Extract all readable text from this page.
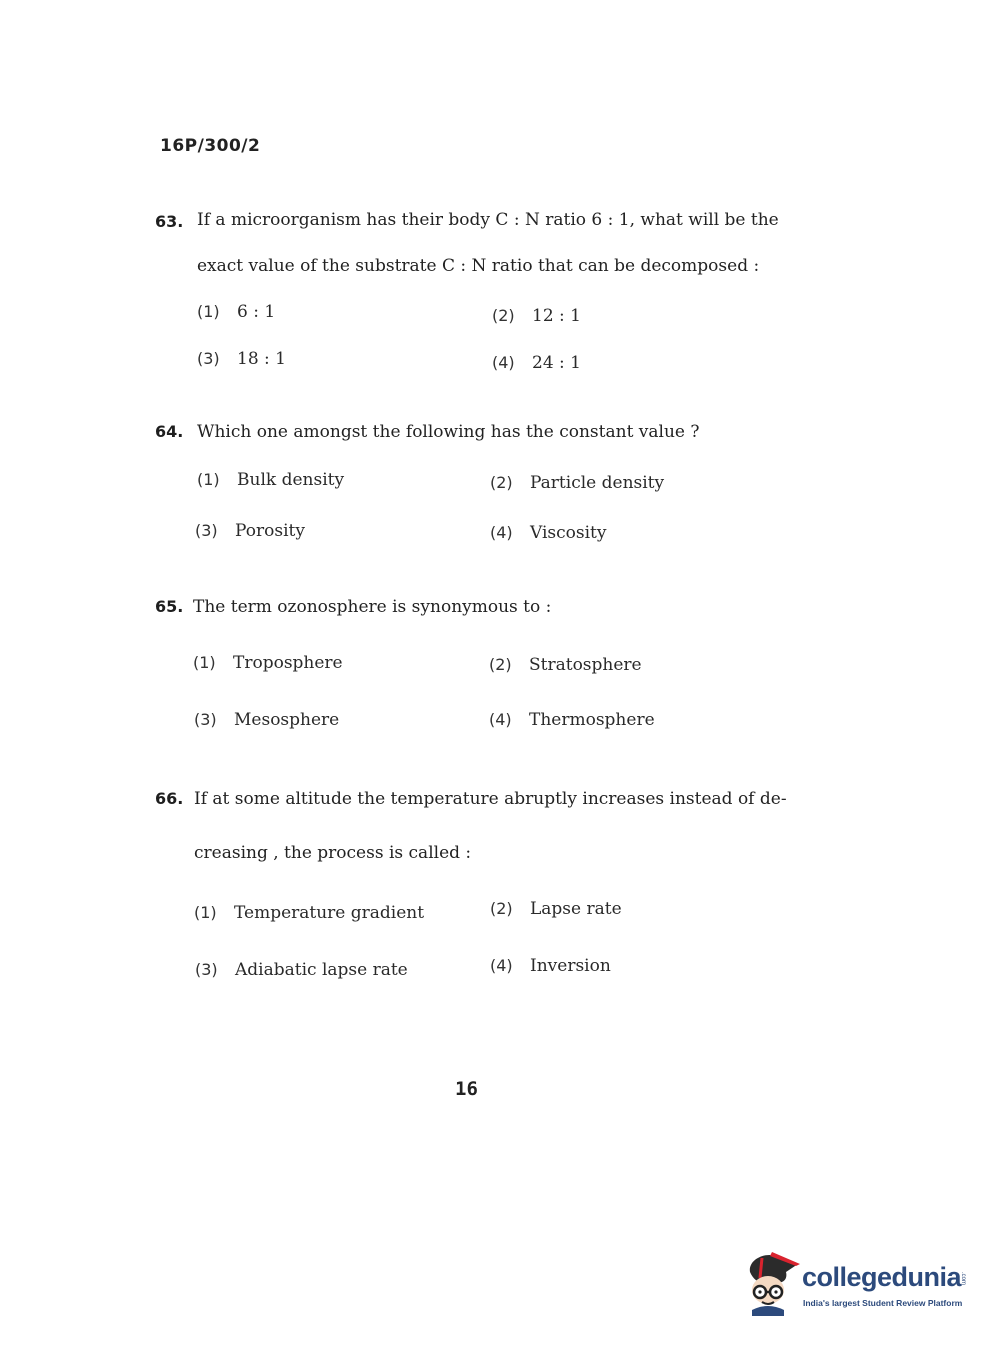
16P/300/2
63. If a microorganism has their body C : N ratio 6 : 1, what will be the
exact value of the substrate C : N ratio that can be decomposed :
(1) 6 : 1	(2) 12 : 1
(3) 18 : 1	(4) 24 : 1
64. Which one amongst the following has the constant value ?
(1) Bulk density	(2) Particle density
(3) Porosity	(4) Viscosity
65. The term ozonosphere is synonymous to :
(1) Troposphere	(2) Stratosphere
(3) Mesosphere	(4) Thermosphere
66. If at some altitude the temperature abruptly increases instead of de-
creasing , the process is called :
(1) Temperature gradient	(2) Lapse rate
(3) Adiabatic lapse rate	(4) Inversion
16
collegedunia
.com
India's largest Student Review Platform
